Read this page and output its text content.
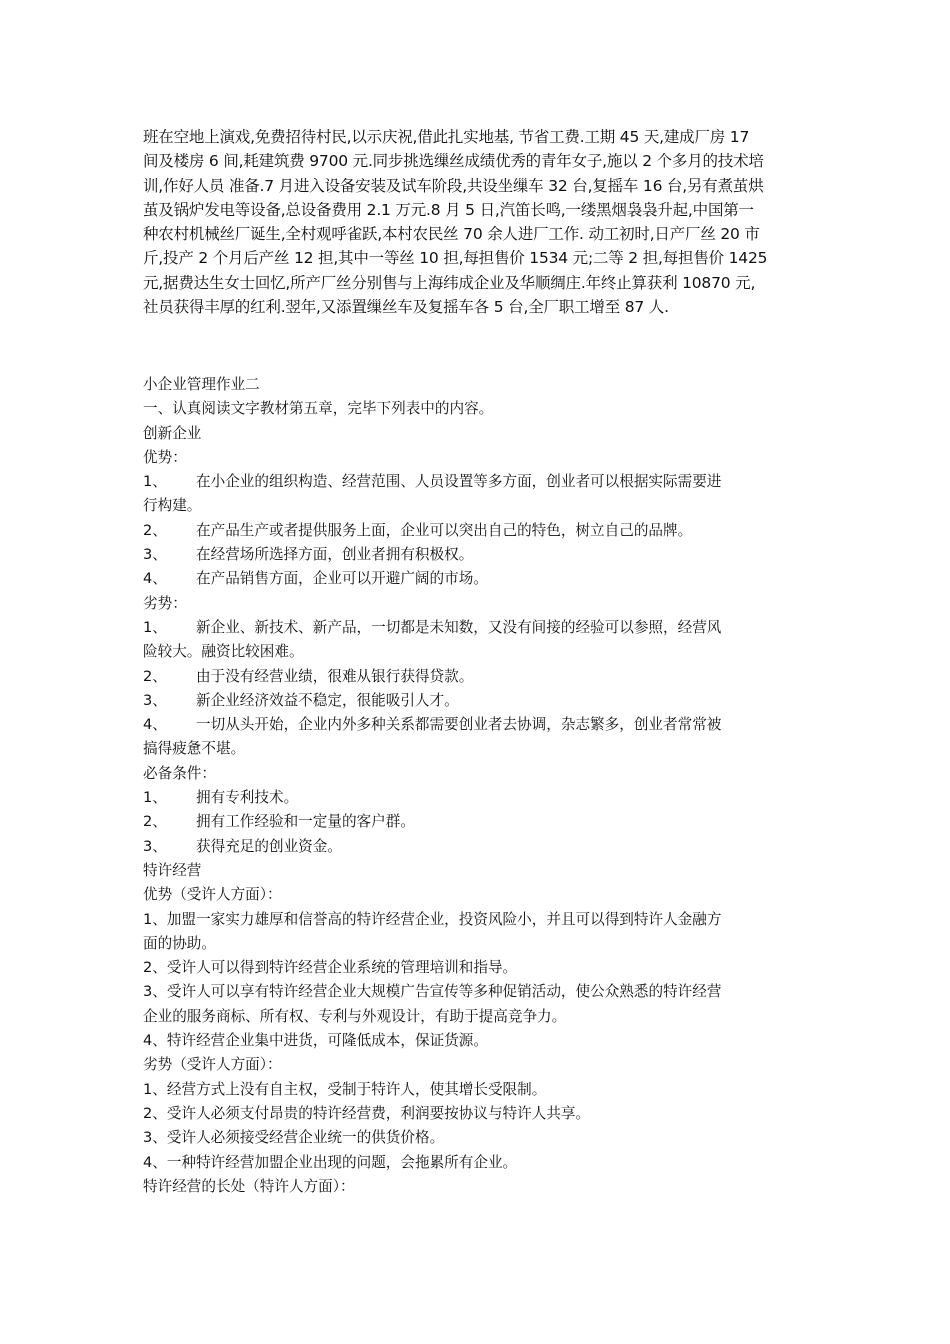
班在空地上演戏,免费招待村民,以示庆祝,借此扎实地基, 节省工费.工期 45 天,建成厂房 17

间及楼房 6 间,耗建筑费 9700 元.同步挑选缫丝成绩优秀的青年女子,施以 2 个多月的技术培

训,作好人员 准备.7 月进入设备安装及试车阶段,共设坐缫车 32 台,复摇车 16 台,另有煮茧烘

茧及锅炉发电等设备,总设备费用 2.1 万元.8 月 5 日,汽笛长鸣,一缕黑烟袅袅升起,中国第一

种农村机械丝厂诞生,全村观呼雀跃,本村农民丝 70 余人进厂工作. 动工初时,日产厂丝 20 市

斤,投产 2 个月后产丝 12 担,其中一等丝 10 担,每担售价 1534 元;二等 2 担,每担售价 1425

元,据费达生女士回忆,所产厂丝分别售与上海纬成企业及华顺绸庄.年终止算获利 10870 元,

社员获得丰厚的红利.翌年,又添置缫丝车及复摇车各 5 台,全厂职工增至 87 人.

小企业管理作业二

一、认真阅读文字教材第五章，完毕下列表中的内容。

创新企业

优势：

1、	在小企业的组织构造、经营范围、人员设置等多方面，创业者可以根据实际需要进

行构建。

2、	在产品生产或者提供服务上面，企业可以突出自己的特色，树立自己的品牌。
3、	在经营场所选择方面，创业者拥有积极权。
4、	在产品销售方面，企业可以开避广阔的市场。

劣势：

1、	新企业、新技术、新产品，一切都是未知数，又没有间接的经验可以参照，经营风

险较大。融资比较困难。

2、	由于没有经营业绩，很难从银行获得贷款。
3、	新企业经济效益不稳定，很能吸引人才。
4、	一切从头开始，企业内外多种关系都需要创业者去协调，杂志繁多，创业者常常被

搞得疲惫不堪。

必备条件：

1、	拥有专利技术。
2、	拥有工作经验和一定量的客户群。
3、	获得充足的创业资金。

特许经营

优势（受许人方面）：

1、加盟一家实力雄厚和信誉高的特许经营企业，投资风险小，并且可以得到特许人金融方

面的协助。

2、受许人可以得到特许经营企业系统的管理培训和指导。

3、受许人可以享有特许经营企业大规模广告宣传等多种促销活动，使公众熟悉的特许经营

企业的服务商标、所有权、专利与外观设计，有助于提高竞争力。

4、特许经营企业集中进货，可隆低成本，保证货源。

劣势（受许人方面）：

1、经营方式上没有自主权，受制于特许人，使其增长受限制。

2、受许人必须支付昂贵的特许经营费，利润要按协议与特许人共享。

3、受许人必须接受经营企业统一的供货价格。

4、一种特许经营加盟企业出现的问题，会拖累所有企业。

特许经营的长处（特许人方面）：
